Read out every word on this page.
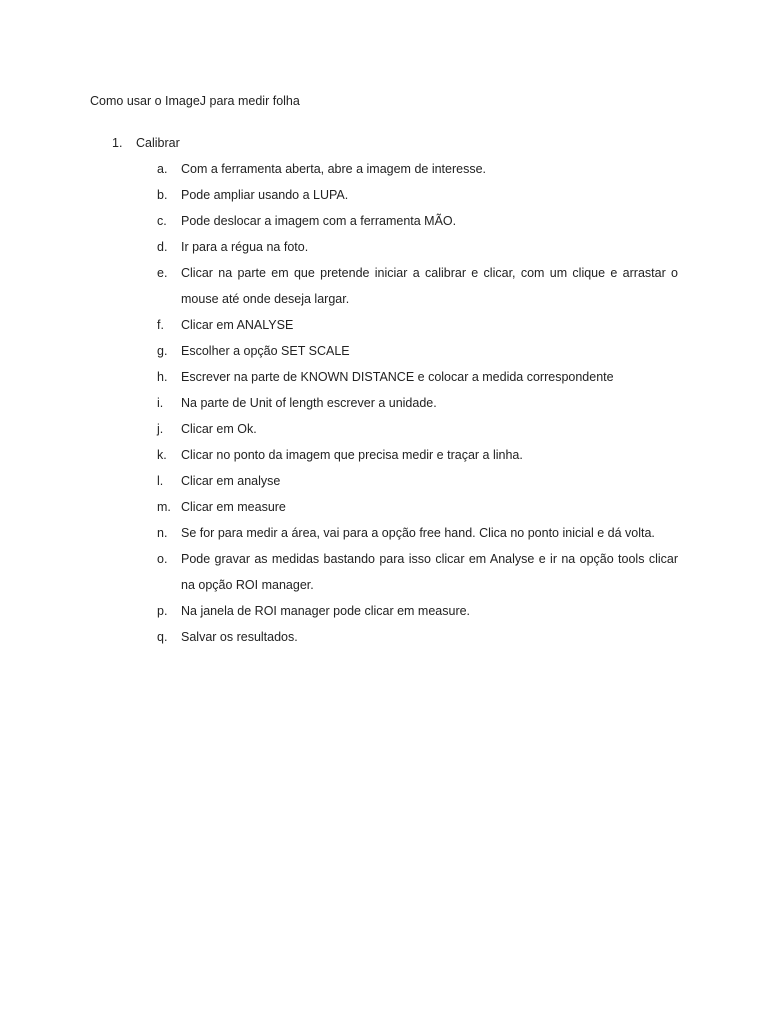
Como usar o ImageJ para medir folha
1. Calibrar
a. Com a ferramenta aberta, abre a imagem de interesse.
b. Pode ampliar usando a LUPA.
c. Pode deslocar a imagem com a ferramenta MÃO.
d. Ir para a régua na foto.
e. Clicar na parte em que pretende iniciar a calibrar e clicar, com um clique e arrastar o mouse até onde deseja largar.
f. Clicar em ANALYSE
g. Escolher a opção SET SCALE
h. Escrever na parte de KNOWN DISTANCE e colocar a medida correspondente
i. Na parte de Unit of length escrever a unidade.
j. Clicar em Ok.
k. Clicar no ponto da imagem que precisa medir e traçar a linha.
l. Clicar em analyse
m. Clicar em measure
n. Se for para medir a área, vai para a opção free hand. Clica no ponto inicial e dá volta.
o. Pode gravar as medidas bastando para isso clicar em Analyse e ir na opção tools clicar na opção ROI manager.
p. Na janela de ROI manager pode clicar em measure.
q. Salvar os resultados.
